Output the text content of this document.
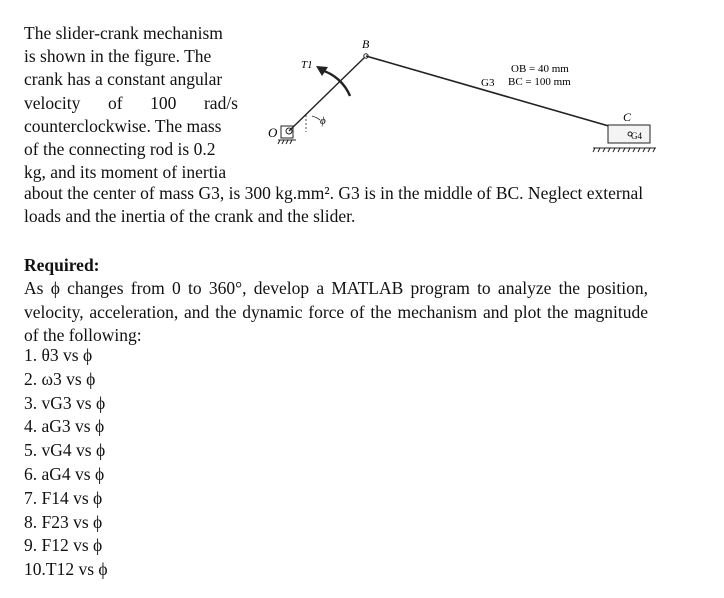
The slider-crank mechanism
is shown in the figure. The
crank has a constant angular
velocity of 100 rad/s
counterclockwise. The mass
of the connecting rod is 0.2
kg, and its moment of inertia
about the center of mass G3, is 300 kg.mm². G3 is in the middle of BC. Neglect external loads and the inertia of the crank and the slider.
O
B
C
T1
ϕ
G3
G4
OB = 40 mm
BC = 100 mm
Required:
As ϕ changes from 0 to 360°, develop a MATLAB program to analyze the position, velocity, acceleration, and the dynamic force of the mechanism and plot the magnitude of the following:
1. θ3 vs ϕ
2. ω3 vs ϕ
3. vG3 vs ϕ
4. aG3 vs ϕ
5. vG4 vs ϕ
6. aG4 vs ϕ
7. F14 vs ϕ
8. F23 vs ϕ
9. F12 vs ϕ
10.T12 vs ϕ
